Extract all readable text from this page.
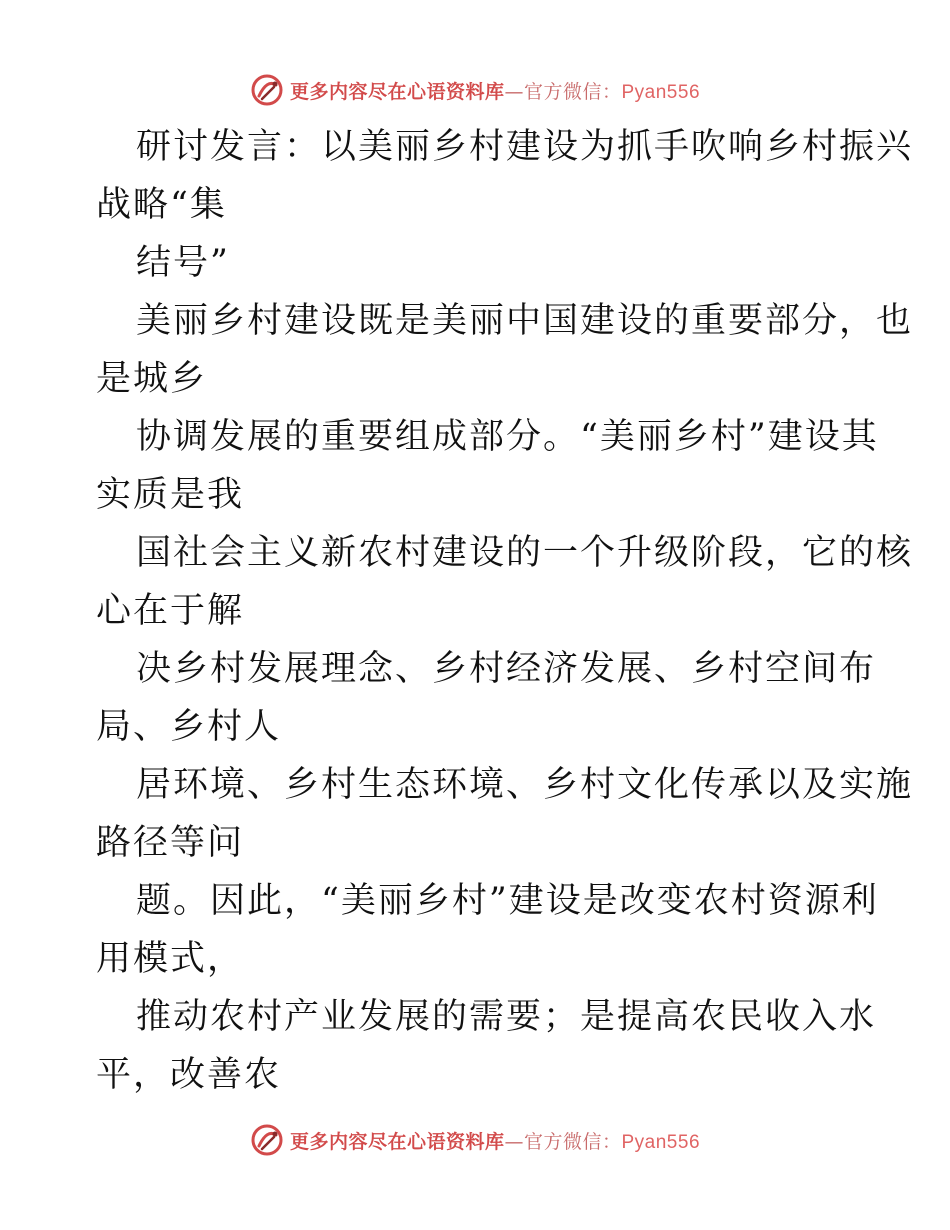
更多内容尽在心语资料库—官方微信：Pyan556
研讨发言：以美丽乡村建设为抓手吹响乡村振兴
战略“集
结号”
美丽乡村建设既是美丽中国建设的重要部分，也
是城乡
协调发展的重要组成部分。“美丽乡村”建设其
实质是我
国社会主义新农村建设的一个升级阶段，它的核
心在于解
决乡村发展理念、乡村经济发展、乡村空间布
局、乡村人
居环境、乡村生态环境、乡村文化传承以及实施
路径等问
题。因此，“美丽乡村”建设是改变农村资源利
用模式，
推动农村产业发展的需要；是提高农民收入水
平，改善农
更多内容尽在心语资料库—官方微信：Pyan556
